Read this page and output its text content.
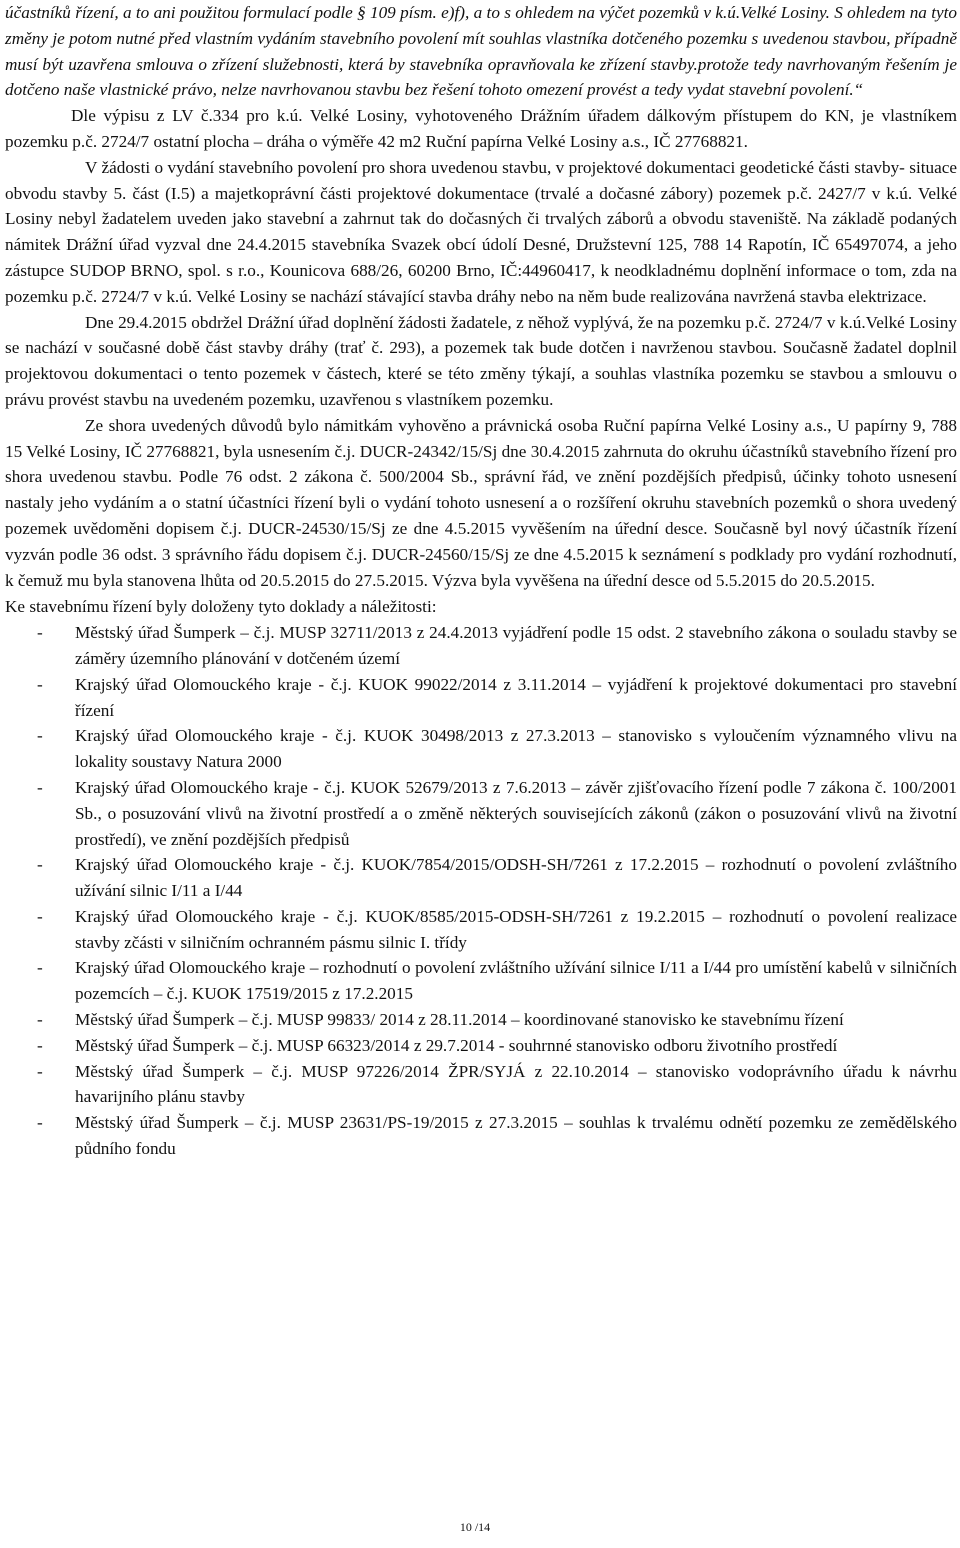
účastníků řízení, a to ani použitou formulací podle § 109 písm. e)f), a to s ohledem na výčet pozemků v k.ú.Velké Losiny. S ohledem na tyto změny je potom nutné před vlastním vydáním stavebního povolení mít souhlas vlastníka dotčeného pozemku s uvedenou stavbou, případně musí být uzavřena smlouva o zřízení služebnosti, která by stavebníka opravňovala ke zřízení stavby.protože tedy navrhovaným řešením je dotčeno naše vlastnické právo, nelze navrhovanou stavbu bez řešení tohoto omezení provést a tedy vydat stavební povolení.“

Dle výpisu z LV č.334 pro k.ú. Velké Losiny, vyhotoveného Drážním úřadem dálkovým přístupem do KN, je vlastníkem pozemku p.č. 2724/7 ostatní plocha – dráha o výměře 42 m2 Ruční papírna Velké Losiny a.s., IČ 27768821.

V žádosti o vydání stavebního povolení pro shora uvedenou stavbu, v projektové dokumentaci geodetické části stavby- situace obvodu stavby 5. část (I.5) a majetkoprávní části projektové dokumentace (trvalé a dočasné zábory) pozemek p.č. 2427/7 v k.ú. Velké Losiny nebyl žadatelem uveden jako stavební a zahrnut tak do dočasných či trvalých záborů a obvodu staveniště. Na základě podaných námitek Drážní úřad vyzval dne 24.4.2015 stavebníka Svazek obcí údolí Desné, Družstevní 125, 788 14 Rapotín, IČ 65497074, a jeho zástupce SUDOP BRNO, spol. s r.o., Kounicova 688/26, 60200 Brno, IČ:44960417, k neodkladnému doplnění informace o tom, zda na pozemku p.č. 2724/7 v k.ú. Velké Losiny se nachází stávající stavba dráhy nebo na něm bude realizována navržená stavba elektrizace.

Dne 29.4.2015 obdržel Drážní úřad doplnění žádosti žadatele, z něhož vyplývá, že na pozemku p.č. 2724/7 v k.ú.Velké Losiny se nachází v současné době část stavby dráhy (trať č. 293), a pozemek tak bude dotčen i navrženou stavbou. Současně žadatel doplnil projektovou dokumentaci o tento pozemek v částech, které se této změny týkají, a souhlas vlastníka pozemku se stavbou a smlouvu o právu provést stavbu na uvedeném pozemku, uzavřenou s vlastníkem pozemku.

Ze shora uvedených důvodů bylo námitkám vyhověno a právnická osoba Ruční papírna Velké Losiny a.s., U papírny 9, 788 15 Velké Losiny, IČ 27768821, byla usnesením č.j. DUCR-24342/15/Sj dne 30.4.2015 zahrnuta do okruhu účastníků stavebního řízení pro shora uvedenou stavbu. Podle 76 odst. 2 zákona č. 500/2004 Sb., správní řád, ve znění pozdějších předpisů, účinky tohoto usnesení nastaly jeho vydáním a o statní účastníci řízení byli o vydání tohoto usnesení a o rozšíření okruhu stavebních pozemků o shora uvedený pozemek uvědoměni dopisem č.j. DUCR-24530/15/Sj ze dne 4.5.2015 vyvěšením na úřední desce. Současně byl nový účastník řízení vyzván podle 36 odst. 3 správního řádu dopisem č.j. DUCR-24560/15/Sj ze dne 4.5.2015 k seznámení s podklady pro vydání rozhodnutí, k čemuž mu byla stanovena lhůta od 20.5.2015 do 27.5.2015. Výzva byla vyvěšena na úřední desce od 5.5.2015 do 20.5.2015.

Ke stavebnímu řízení byly doloženy tyto doklady a náležitosti:

- Městský úřad Šumperk – č.j. MUSP 32711/2013 z 24.4.2013 vyjádření podle 15 odst. 2 stavebního zákona o souladu stavby se záměry územního plánování v dotčeném území
- Krajský úřad Olomouckého kraje - č.j. KUOK 99022/2014 z 3.11.2014 – vyjádření k projektové dokumentaci pro stavební řízení
- Krajský úřad Olomouckého kraje - č.j. KUOK 30498/2013 z 27.3.2013 – stanovisko s vyloučením významného vlivu na lokality soustavy Natura 2000
- Krajský úřad Olomouckého kraje - č.j. KUOK 52679/2013 z 7.6.2013 – závěr zjišťovacího řízení podle 7 zákona č. 100/2001 Sb., o posuzování vlivů na životní prostředí a o změně některých souvisejících zákonů (zákon o posuzování vlivů na životní prostředí), ve znění pozdějších předpisů
- Krajský úřad Olomouckého kraje - č.j. KUOK/7854/2015/ODSH-SH/7261 z 17.2.2015 – rozhodnutí o povolení zvláštního užívání silnic I/11 a I/44
- Krajský úřad Olomouckého kraje - č.j. KUOK/8585/2015-ODSH-SH/7261 z 19.2.2015 – rozhodnutí o povolení realizace stavby zčásti v silničním ochranném pásmu silnic I. třídy
- Krajský úřad Olomouckého kraje – rozhodnutí o povolení zvláštního užívání silnice I/11 a I/44 pro umístění kabelů v silničních pozemcích – č.j. KUOK 17519/2015 z 17.2.2015
- Městský úřad Šumperk – č.j. MUSP 99833/ 2014 z 28.11.2014 – koordinované stanovisko ke stavebnímu řízení
- Městský úřad Šumperk – č.j. MUSP 66323/2014 z 29.7.2014 - souhrnné stanovisko odboru životního prostředí
- Městský úřad Šumperk – č.j. MUSP 97226/2014 ŽPR/SYJÁ z 22.10.2014 – stanovisko vodoprávního úřadu k návrhu havarijního plánu stavby
- Městský úřad Šumperk – č.j. MUSP 23631/PS-19/2015 z 27.3.2015 – souhlas k trvalému odnětí pozemku ze zemědělského půdního fondu
10 /14
